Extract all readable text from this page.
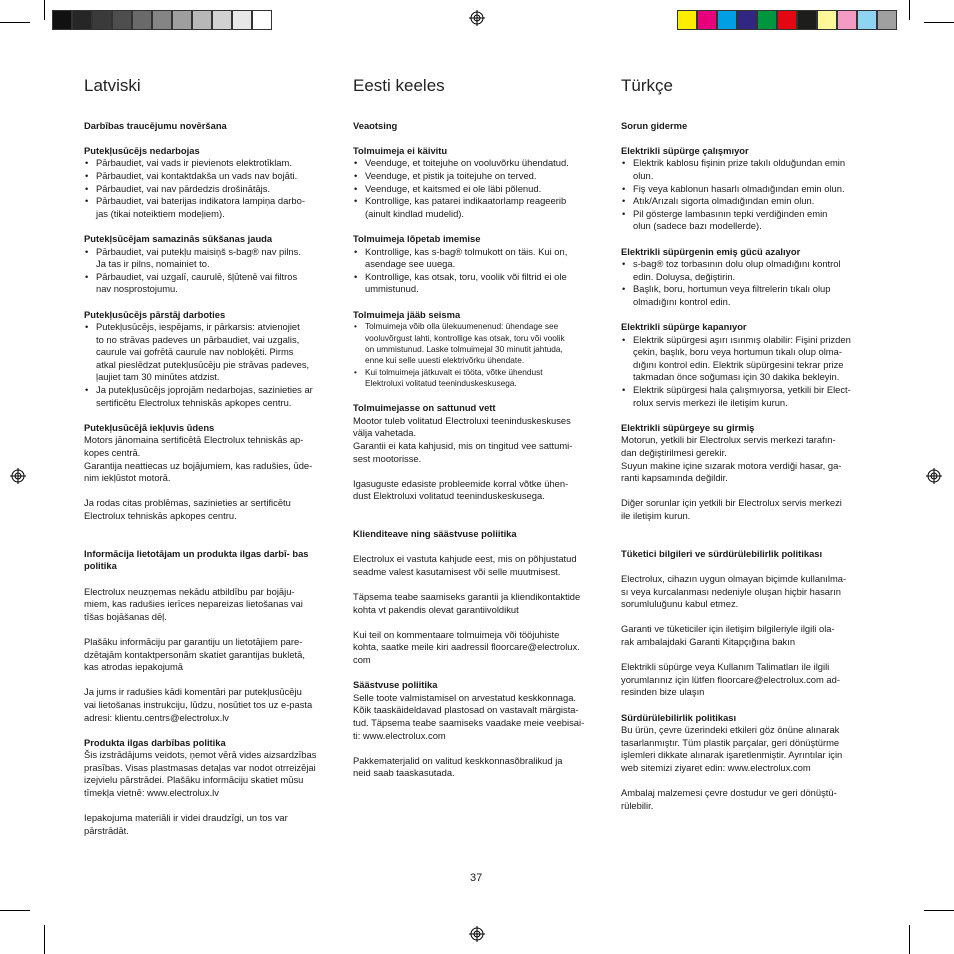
Latviski
Darbības traucējumu novēršana
Putekļusūcējs nedarbojas
• Pārbaudiet, vai vads ir pievienots elektrotīklam.
• Pārbaudiet, vai kontaktdakša un vads nav bojāti.
• Pārbaudiet, vai nav pārdedzis drošinātājs.
• Pārbaudiet, vai baterijas indikatora lampiņa darbo-
jas (tikai noteiktiem modeļiem).
Putekļsūcējam samazinās sūkšanas jauda
• Pārbaudiet, vai putekļu maisiņš s-bag® nav pilns.
Ja tas ir pilns, nomainiet to.
• Pārbaudiet, vai uzgalī, caurulē, šļūtenē vai filtros
nav nosprostojumu.
Putekļusūcējs pārstāj darboties
• Putekļusūcējs, iespējams, ir pārkarsis: atvienojiet
to no strāvas padeves un pārbaudiet, vai uzgalis,
caurule vai gofrētā caurule nav nobloķēti. Pirms
atkal pieslēdzat putekļusūcēju pie strāvas padeves,
ļaujiet tam 30 minūtes atdzist.
• Ja putekļusūcējs joprojām nedarbojas, sazinieties ar
sertificētu Electrolux tehniskās apkopes centru.
Putekļusūcējā iekļuvis ūdens

Motors jānomaina sertificētā Electrolux tehniskās ap-
kopes centrā.
Garantija neattiecas uz bojājumiem, kas radušies, ūde-
nim iekļūstot motorā.

Ja rodas citas problēmas, sazinieties ar sertificētu
Electrolux tehniskās apkopes centru.

Informācija lietotājam un produkta ilgas darbī- bas politika

Electrolux neuzņemas nekādu atbildību par bojāju-
miem, kas radušies ierīces nepareizas lietošanas vai
tīšas bojāšanas dēļ.

Plašāku informāciju par garantiju un lietotājiem pare-
dzētajām kontaktpersonām skatiet garantijas bukletā,
kas atrodas iepakojumā

Ja jums ir radušies kādi komentāri par putekļusūcēju
vai lietošanas instrukciju, lūdzu, nosūtiet tos uz e-pasta
adresi: klientu.centrs@electrolux.lv

Produkta ilgas darbības politika

Šis izstrādājums veidots, ņemot vērā vides aizsardzības
prasības. Visas plastmasas detaļas var nodot otrreizējai
izejvielu pārstrādei. Plašāku informāciju skatiet mūsu
tīmekļa vietnē: www.electrolux.lv

Iepakojuma materiāli ir videi draudzīgi, un tos var
pārstrādāt.

Eesti keeles
Veaotsing
Tolmuimeja ei käivitu
• Veenduge, et toitejuhe on vooluvõrku ühendatud.
• Veenduge, et pistik ja toitejuhe on terved.
• Veenduge, et kaitsmed ei ole läbi põlenud.
• Kontrollige, kas patarei indikaatorlamp reageerib
(ainult kindlad mudelid).
Tolmuimeja lõpetab imemise
• Kontrollige, kas s-bag® tolmukott on täis. Kui on,
asendage see uuega.
• Kontrollige, kas otsak, toru, voolik või filtrid ei ole
ummistunud.
Tolmuimeja jääb seisma
• Tolmuimeja võib olla ülekuumenenud: ühendage see
vooluvõrgust lahti, kontrollige kas otsak, toru või voolik
on ummistunud. Laske tolmuimejal 30 minutit jahtuda,
enne kui selle uuesti elektrivõrku ühendate.
• Kui tolmuimeja jätkuvalt ei tööta, võtke ühendust
Elektroluxi volitatud teeninduskeskusega.
Tolmuimejasse on sattunud vett

Mootor tuleb volitatud Electroluxi teeninduskeskuses
välja vahetada.
Garantii ei kata kahjusid, mis on tingitud vee sattumi-
sest mootorisse.

Igasuguste edasiste probleemide korral võtke ühen-
dust Elektroluxi volitatud teeninduskeskusega.

Klienditeave ning säästvuse poliitika

Electrolux ei vastuta kahjude eest, mis on põhjustatud
seadme valest kasutamisest või selle muutmisest.

Täpsema teabe saamiseks garantii ja kliendikontaktide
kohta vt pakendis olevat garantiivoldikut

Kui teil on kommentaare tolmuimeja või tööjuhiste
kohta, saatke meile kiri aadressil floorcare@electrolux.
com

Säästvuse poliitika

Selle toote valmistamisel on arvestatud keskkonnaga.
Kõik taaskäideldavad plastosad on vastavalt märgista-
tud. Täpsema teabe saamiseks vaadake meie veebisai-
ti: www.electrolux.com

Pakkematerjalid on valitud keskkonnasõbralikud ja
neid saab taaskasutada.

Türkçe
Sorun giderme
Elektrikli süpürge çalışmıyor
• Elektrik kablosu fişinin prize takılı olduğundan emin
olun.
• Fiş veya kablonun hasarlı olmadığından emin olun.
• Atık/Arızalı sigorta olmadığından emin olun.
• Pil gösterge lambasının tepki verdiğinden emin
olun (sadece bazı modellerde).
Elektrikli süpürgenin emiş gücü azalıyor
• s-bag® toz torbasının dolu olup olmadığını kontrol
edin. Doluysa, değiştirin.
• Başlık, boru, hortumun veya filtrelerin tıkalı olup
olmadığını kontrol edin.
Elektrikli süpürge kapanıyor
• Elektrik süpürgesi aşırı ısınmış olabilir: Fişini prizden
çekin, başlık, boru veya hortumun tıkalı olup olma-
dığını kontrol edin. Elektrik süpürgesini tekrar prize
takmadan önce soğuması için 30 dakika bekleyin.
• Elektrik süpürgesi hala çalışmıyorsa, yetkili bir Elect-
rolux servis merkezi ile iletişim kurun.
Elektrikli süpürgeye su girmiş

Motorun, yetkili bir Electrolux servis merkezi tarafın-
dan değiştirilmesi gerekir.
Suyun makine içine sızarak motora verdiği hasar, ga-
ranti kapsamında değildir.

Diğer sorunlar için yetkili bir Electrolux servis merkezi
ile iletişim kurun.

Tüketici bilgileri ve sürdürülebilirlik politikası

Electrolux, cihazın uygun olmayan biçimde kullanılma-
sı veya kurcalanması nedeniyle oluşan hiçbir hasarın
sorumluluğunu kabul etmez.

Garanti ve tüketiciler için iletişim bilgileriyle ilgili ola-
rak ambalajdaki Garanti Kitapçığına bakın

Elektrikli süpürge veya Kullanım Talimatları ile ilgili
yorumlarınız için lütfen floorcare@electrolux.com ad-
resinden bize ulaşın

Sürdürülebilirlik politikası

Bu ürün, çevre üzerindeki etkileri göz önüne alınarak
tasarlanmıştır. Tüm plastik parçalar, geri dönüştürme
işlemleri dikkate alınarak işaretlenmiştir. Ayrıntılar için
web sitemizi ziyaret edin: www.electrolux.com

Ambalaj malzemesi çevre dostudur ve geri dönüştü-
rülebilir.

37
